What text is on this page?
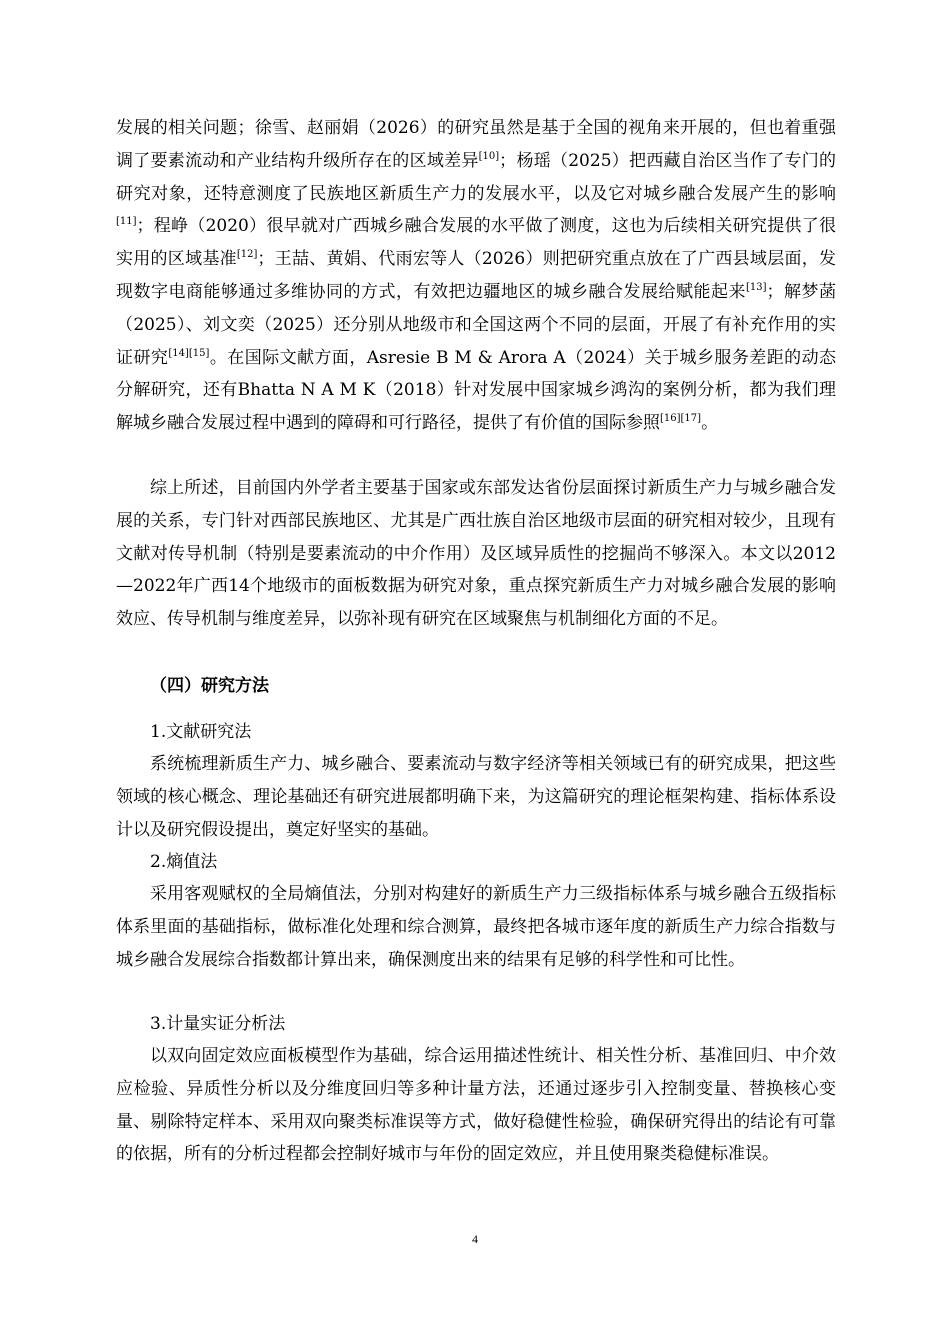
发展的相关问题；徐雪、赵丽娟（2026）的研究虽然是基于全国的视角来开展的，但也着重强调了要素流动和产业结构升级所存在的区域差异[10]；杨瑶（2025）把西藏自治区当作了专门的研究对象，还特意测度了民族地区新质生产力的发展水平，以及它对城乡融合发展产生的影响[11]；程峥（2020）很早就对广西城乡融合发展的水平做了测度，这也为后续相关研究提供了很实用的区域基准[12]；王喆、黄娟、代雨宏等人（2026）则把研究重点放在了广西县域层面，发现数字电商能够通过多维协同的方式，有效把边疆地区的城乡融合发展给赋能起来[13]；解梦菡（2025）、刘文奕（2025）还分别从地级市和全国这两个不同的层面，开展了有补充作用的实证研究[14][15]。在国际文献方面，Asresie B M & Arora A（2024）关于城乡服务差距的动态分解研究，还有Bhatta N A M K（2018）针对发展中国家城乡鸿沟的案例分析，都为我们理解城乡融合发展过程中遇到的障碍和可行路径，提供了有价值的国际参照[16][17]。

综上所述，目前国内外学者主要基于国家或东部发达省份层面探讨新质生产力与城乡融合发展的关系，专门针对西部民族地区、尤其是广西壮族自治区地级市层面的研究相对较少，且现有文献对传导机制（特别是要素流动的中介作用）及区域异质性的挖掘尚不够深入。本文以2012—2022年广西14个地级市的面板数据为研究对象，重点探究新质生产力对城乡融合发展的影响效应、传导机制与维度差异，以弥补现有研究在区域聚焦与机制细化方面的不足。

（四）研究方法
1.文献研究法

系统梳理新质生产力、城乡融合、要素流动与数字经济等相关领域已有的研究成果，把这些领域的核心概念、理论基础还有研究进展都明确下来，为这篇研究的理论框架构建、指标体系设计以及研究假设提出，奠定好坚实的基础。

2.熵值法

采用客观赋权的全局熵值法，分别对构建好的新质生产力三级指标体系与城乡融合五级指标体系里面的基础指标，做标准化处理和综合测算，最终把各城市逐年度的新质生产力综合指数与城乡融合发展综合指数都计算出来，确保测度出来的结果有足够的科学性和可比性。

3.计量实证分析法

以双向固定效应面板模型作为基础，综合运用描述性统计、相关性分析、基准回归、中介效应检验、异质性分析以及分维度回归等多种计量方法，还通过逐步引入控制变量、替换核心变量、剔除特定样本、采用双向聚类标准误等方式，做好稳健性检验，确保研究得出的结论有可靠的依据，所有的分析过程都会控制好城市与年份的固定效应，并且使用聚类稳健标准误。

4
